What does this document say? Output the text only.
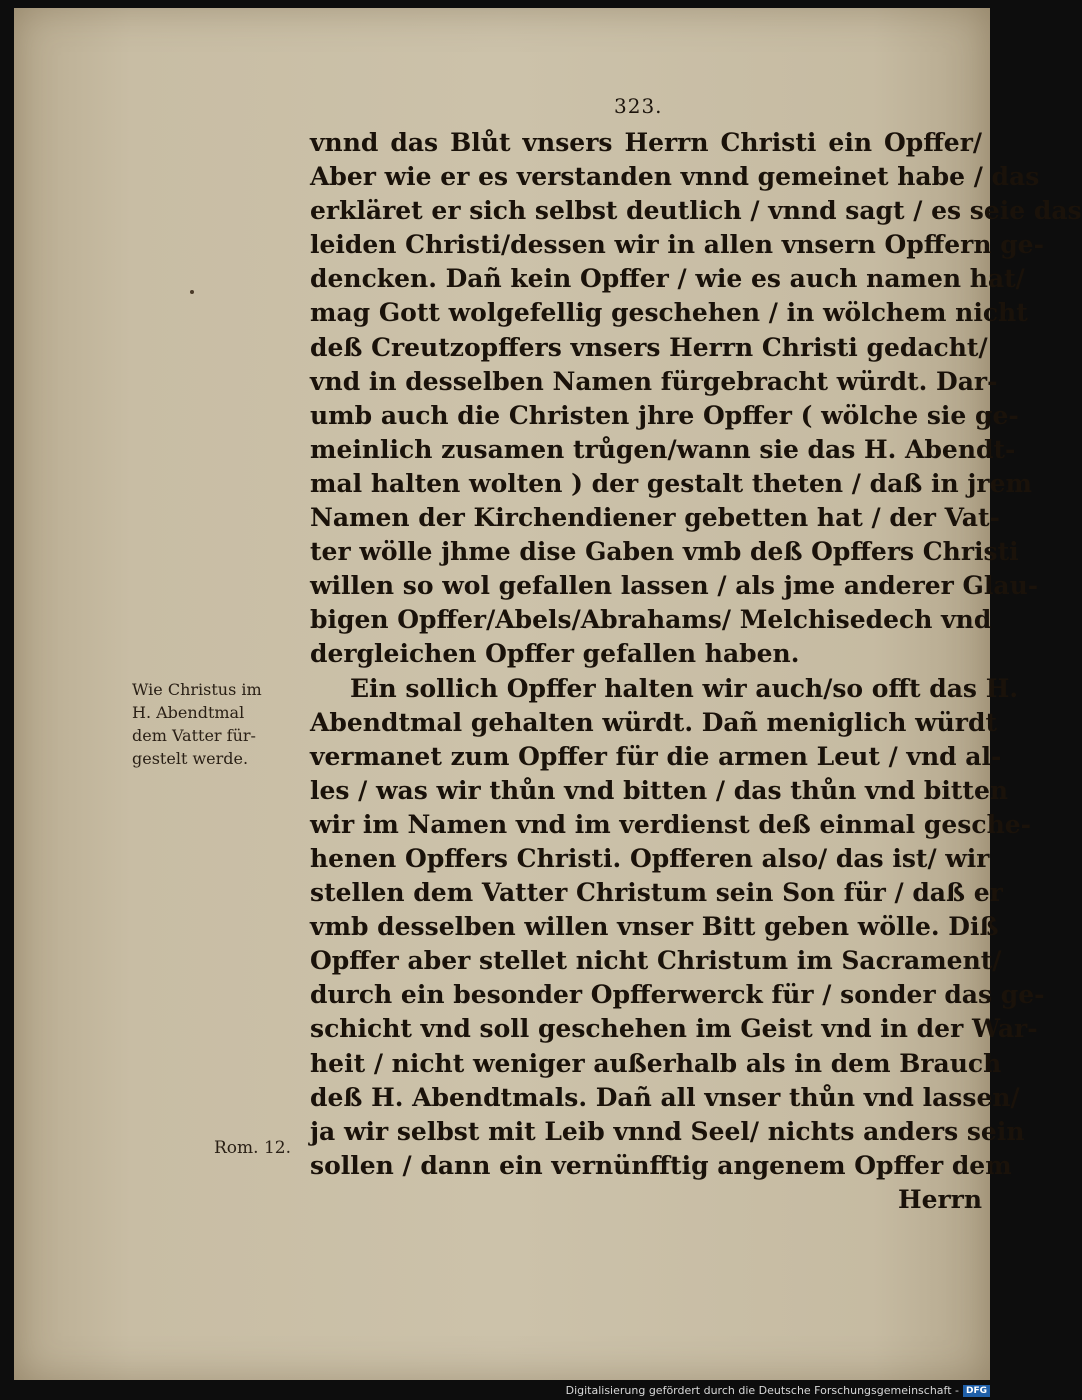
323.
Wie Christus im
H. Abendtmal
dem Vatter für-
gestelt werde.
Rom. 12.
vnnd das Blůt vnsers Herrn Christi ein Opffer/
Aber wie er es verstanden vnnd gemeinet habe / das
erkläret er sich selbst deutlich / vnnd sagt / es seie das
leiden Christi/dessen wir in allen vnsern Opffern ge-
dencken. Dañ kein Opffer / wie es auch namen hat/
mag Gott wolgefellig geschehen / in wölchem nicht
deß Creutzopffers vnsers Herrn Christi gedacht/
vnd in desselben Namen fürgebracht würdt. Dar-
umb auch die Christen jhre Opffer ( wölche sie ge-
meinlich zusamen trůgen/wann sie das H. Abendt-
mal halten wolten ) der gestalt theten / daß in jrem
Namen der Kirchendiener gebetten hat / der Vat-
ter wölle jhme dise Gaben vmb deß Opffers Christi
willen so wol gefallen lassen / als jme anderer Glau-
bigen Opffer/Abels/Abrahams/ Melchisedech vnd
dergleichen Opffer gefallen haben.
Ein sollich Opffer halten wir auch/so offt das H.
Abendtmal gehalten würdt. Dañ meniglich würdt
vermanet zum Opffer für die armen Leut / vnd al-
les / was wir thůn vnd bitten / das thůn vnd bitten
wir im Namen vnd im verdienst deß einmal gesche-
henen Opffers Christi. Opfferen also/ das ist/ wir
stellen dem Vatter Christum sein Son für / daß er
vmb desselben willen vnser Bitt geben wölle. Diß
Opffer aber stellet nicht Christum im Sacrament/
durch ein besonder Opfferwerck für / sonder das ge-
schicht vnd soll geschehen im Geist vnd in der War-
heit / nicht weniger außerhalb als in dem Brauch
deß H. Abendtmals. Dañ all vnser thůn vnd lassen/
ja wir selbst mit Leib vnnd Seel/ nichts anders sein
sollen / dann ein vernünfftig angenem Opffer dem
Herrn
Digitalisierung gefördert durch die Deutsche Forschungsgemeinschaft - DFG
